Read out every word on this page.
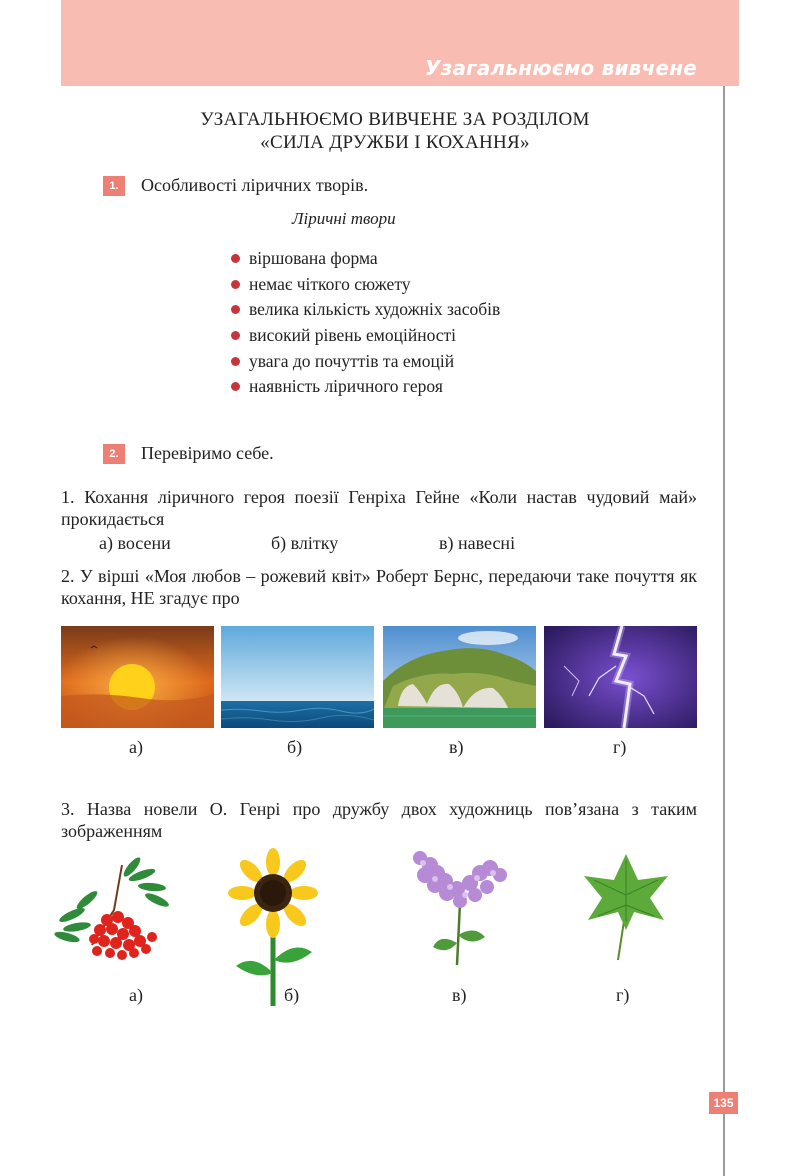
Узагальнюємо вивчене
УЗАГАЛЬНЮЄМО ВИВЧЕНЕ ЗА РОЗДІЛОМ
«СИЛА ДРУЖБИ І КОХАННЯ»
1.	Особливості ліричних творів.
Ліричні твори
віршована форма
немає чіткого сюжету
велика кількість художніх засобів
високий рівень емоційності
увага до почуттів та емоцій
наявність ліричного героя
2.	Перевіримо себе.
1. Кохання ліричного героя поезії Генріха Гейне «Коли настав чудовий май» прокидається
а) восени	б) влітку	в) навесні
2. У вірші «Моя любов – рожевий квіт» Роберт Бернс, передаючи таке почуття як кохання, НЕ згадує про
а)	б)	в)	г)
3. Назва новели О. Генрі про дружбу двох художниць пов’язана з таким зображенням
а)	б)	в)	г)
135
